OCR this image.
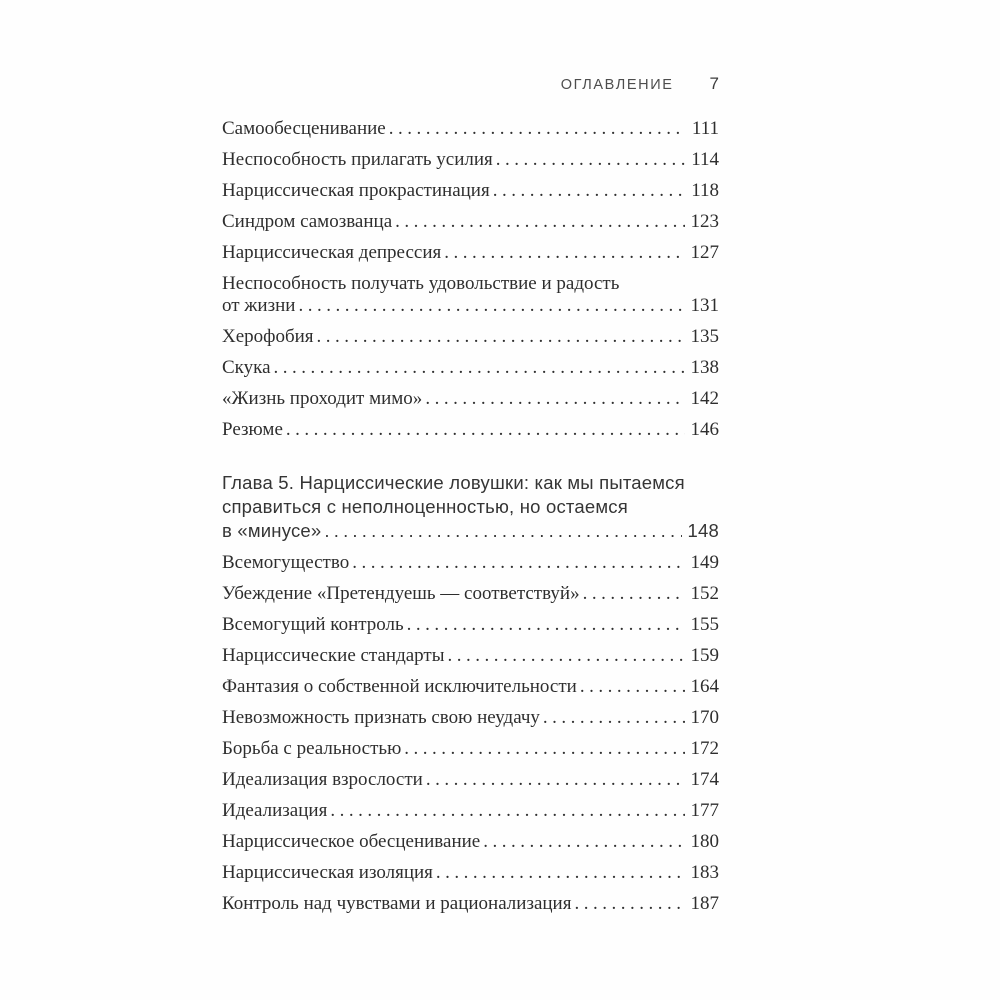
ОГЛАВЛЕНИЕ 7
Самообесценивание .....	111
Неспособность прилагать усилия .....	114
Нарциссическая прокрастинация .....	118
Синдром самозванца .....	123
Нарциссическая депрессия .....	127
Неспособность получать удовольствие и радость
от жизни .....	131
Херофобия .....	135
Скука .....	138
«Жизнь проходит мимо» .....	142
Резюме .....	146
Глава 5. Нарциссические ловушки: как мы пытаемся
справиться с неполноценностью, но остаемся
в «минусе» .....	148
Всемогущество .....	149
Убеждение «Претендуешь — соответствуй» .....	152
Всемогущий контроль .....	155
Нарциссические стандарты .....	159
Фантазия о собственной исключительности .....	164
Невозможность признать свою неудачу .....	170
Борьба с реальностью .....	172
Идеализация взрослости .....	174
Идеализация .....	177
Нарциссическое обесценивание .....	180
Нарциссическая изоляция .....	183
Контроль над чувствами и рационализация .....	187
